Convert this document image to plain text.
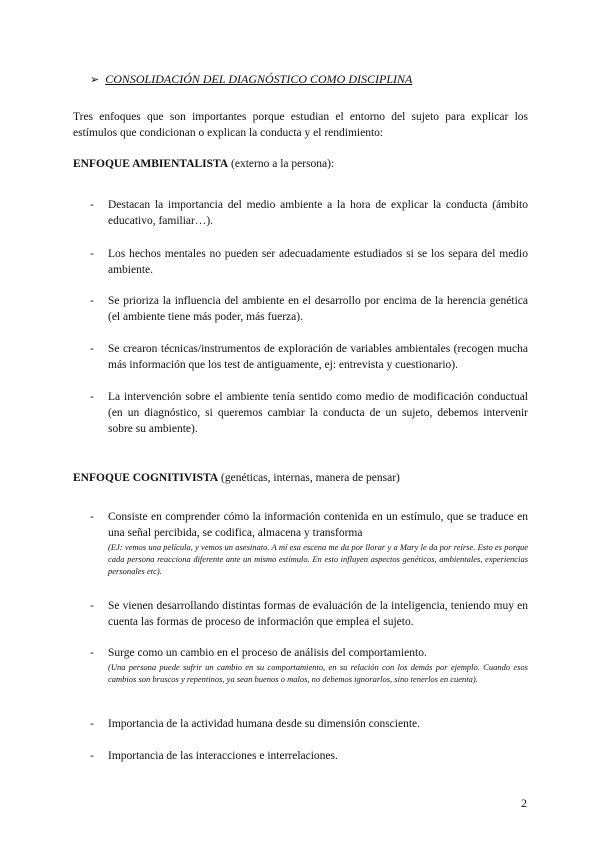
➢ CONSOLIDACIÓN DEL DIAGNÓSTICO COMO DISCIPLINA
Tres enfoques que son importantes porque estudian el entorno del sujeto para explicar los estímulos que condicionan o explican la conducta y el rendimiento:
ENFOQUE AMBIENTALISTA (externo a la persona):
- Destacan la importancia del medio ambiente a la hora de explicar la conducta (ámbito educativo, familiar…).
- Los hechos mentales no pueden ser adecuadamente estudiados si se los separa del medio ambiente.
- Se prioriza la influencia del ambiente en el desarrollo por encima de la herencia genética (el ambiente tiene más poder, más fuerza).
- Se crearon técnicas/instrumentos de exploración de variables ambientales (recogen mucha más información que los test de antiguamente, ej: entrevista y cuestionario).
- La intervención sobre el ambiente tenía sentido como medio de modificación conductual (en un diagnóstico, si queremos cambiar la conducta de un sujeto, debemos intervenir sobre su ambiente).
ENFOQUE COGNITIVISTA (genéticas, internas, manera de pensar)
- Consiste en comprender cómo la información contenida en un estímulo, que se traduce en una señal percibida, se codifica, almacena y transforma
(EJ: vemos una película, y vemos un asesinato. A mí esa escena me da por llorar y a Mary le da por reírse. Esto es porque cada persona reacciona diferente ante un mismo estímulo. En esto influyen aspectos genéticos, ambientales, experiencias personales etc).
- Se vienen desarrollando distintas formas de evaluación de la inteligencia, teniendo muy en cuenta las formas de proceso de información que emplea el sujeto.
- Surge como un cambio en el proceso de análisis del comportamiento.
(Una persona puede sufrir un cambio en su comportamiento, en su relación con los demás por ejemplo. Cuando esos cambios son bruscos y repentinos, ya sean buenos o malos, no debemos ignorarlos, sino tenerlos en cuenta).
- Importancia de la actividad humana desde su dimensión consciente.
- Importancia de las interacciones e interrelaciones.
2
